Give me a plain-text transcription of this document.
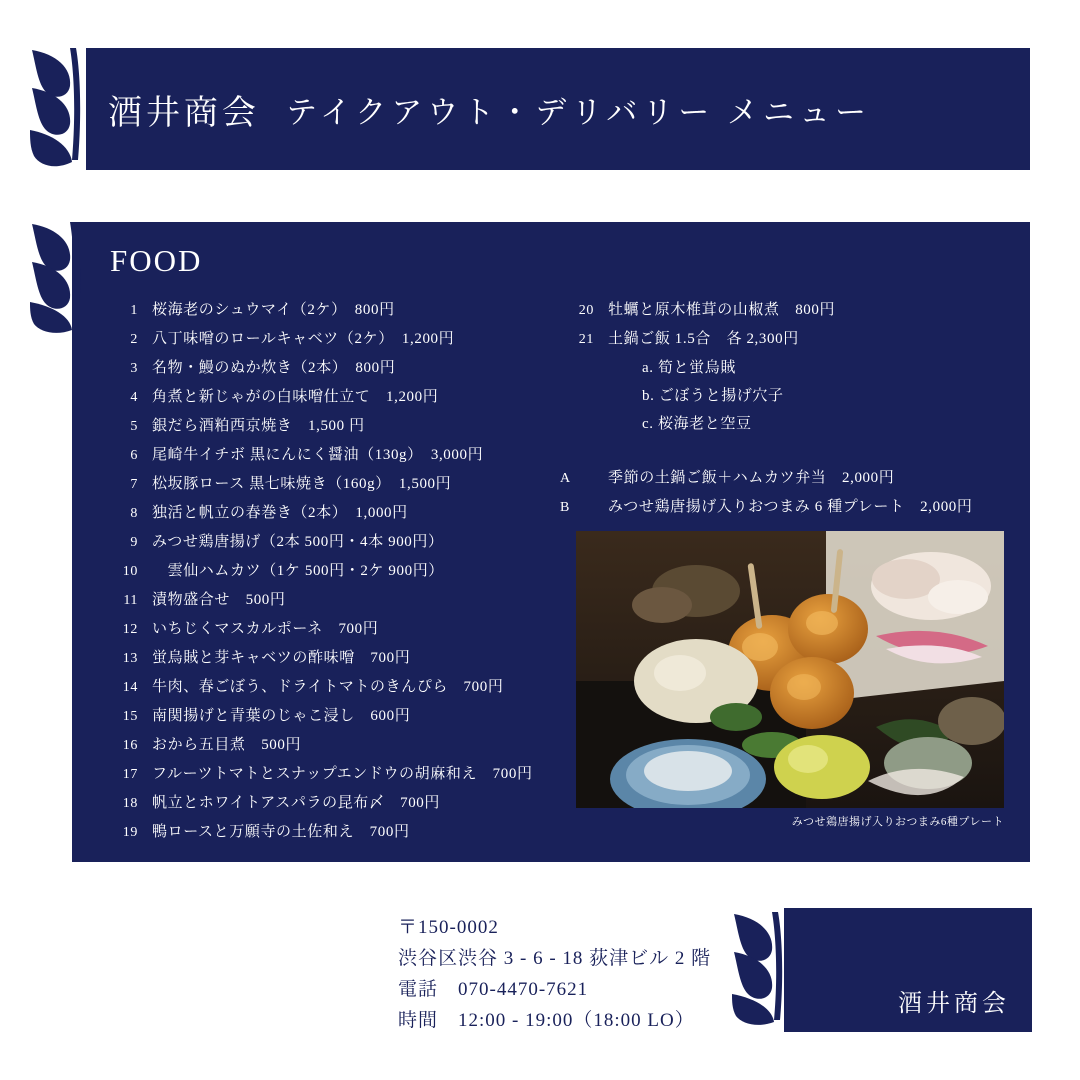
酒井商会 テイクアウト・デリバリー メニュー
FOOD
1 桜海老のシュウマイ（2ケ）　800円
2 八丁味噌のロールキャベツ（2ケ）　1,200円
3 名物・鰻のぬか炊き（2本）　800円
4 角煮と新じゃがの白味噌仕立て　1,200円
5 銀だら酒粕西京焼き　1,500 円
6 尾崎牛イチボ 黒にんにく醤油（130g）　3,000円
7 松坂豚ロース 黒七味焼き（160g）　1,500円
8 独活と帆立の春巻き（2本）　1,000円
9 みつせ鶏唐揚げ（2本 500円・4本 900円）
10 　雲仙ハムカツ（1ケ 500円・2ケ 900円）
11 漬物盛合せ　500円
12 いちじくマスカルポーネ　700円
13 蛍烏賊と芽キャベツの酢味噌　700円
14 牛肉、春ごぼう、ドライトマトのきんぴら　700円
15 南関揚げと青葉のじゃこ浸し　600円
16 おから五目煮　500円
17 フルーツトマトとスナップエンドウの胡麻和え　700円
18 帆立とホワイトアスパラの昆布〆　700円
19 鴨ロースと万願寺の土佐和え　700円
20 牡蠣と原木椎茸の山椒煮　800円
21 土鍋ご飯 1.5合　各 2,300円
a. 筍と蛍烏賊
b. ごぼうと揚げ穴子
c. 桜海老と空豆
A	季節の土鍋ご飯＋ハムカツ弁当　2,000円
B	みつせ鶏唐揚げ入りおつまみ 6 種プレート　2,000円
みつせ鶏唐揚げ入りおつまみ6種プレート
〒150-0002
渋谷区渋谷 3 - 6 - 18 荻津ビル 2 階
電話　070-4470-7621
時間　12:00 - 19:00（18:00 LO）
酒井商会
